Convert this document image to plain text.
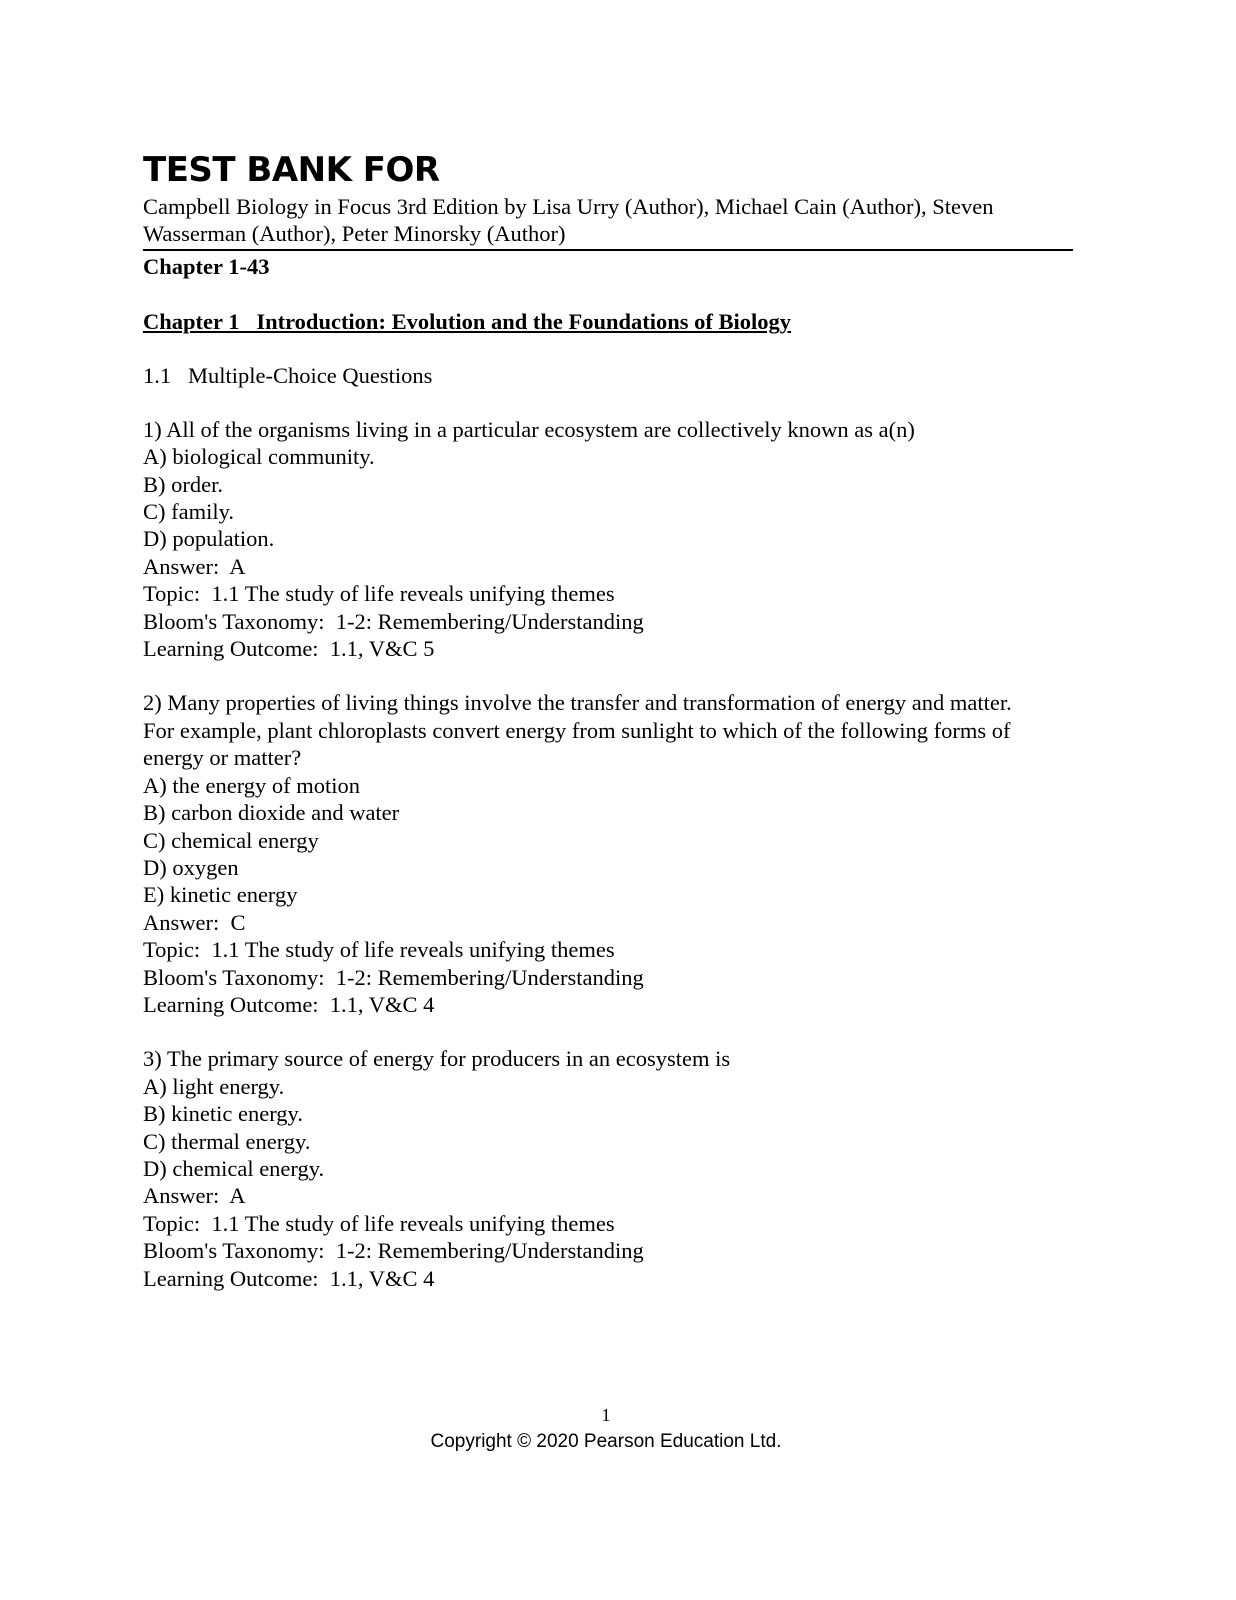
TEST BANK FOR
Campbell Biology in Focus 3rd Edition by Lisa Urry (Author), Michael Cain (Author), Steven
Wasserman (Author), Peter Minorsky (Author)
Chapter 1-43
Chapter 1   Introduction: Evolution and the Foundations of Biology
1.1   Multiple-Choice Questions
1) All of the organisms living in a particular ecosystem are collectively known as a(n)
A) biological community.
B) order.
C) family.
D) population.
Answer:  A
Topic:  1.1 The study of life reveals unifying themes
Bloom's Taxonomy:  1-2: Remembering/Understanding
Learning Outcome:  1.1, V&C 5
2) Many properties of living things involve the transfer and transformation of energy and matter.
For example, plant chloroplasts convert energy from sunlight to which of the following forms of
energy or matter?
A) the energy of motion
B) carbon dioxide and water
C) chemical energy
D) oxygen
E) kinetic energy
Answer:  C
Topic:  1.1 The study of life reveals unifying themes
Bloom's Taxonomy:  1-2: Remembering/Understanding
Learning Outcome:  1.1, V&C 4
3) The primary source of energy for producers in an ecosystem is
A) light energy.
B) kinetic energy.
C) thermal energy.
D) chemical energy.
Answer:  A
Topic:  1.1 The study of life reveals unifying themes
Bloom's Taxonomy:  1-2: Remembering/Understanding
Learning Outcome:  1.1, V&C 4
1
Copyright © 2020 Pearson Education Ltd.
